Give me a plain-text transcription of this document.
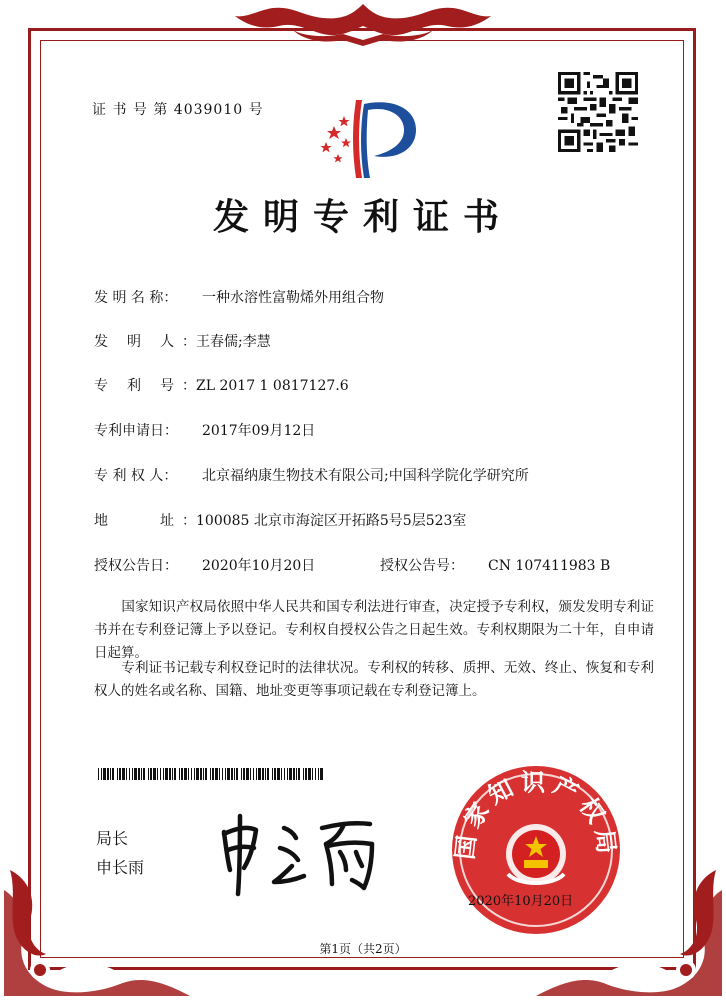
证 书 号 第 4039010 号
发明专利证书
发 明 名 称： 一种水溶性富勒烯外用组合物
发 明 人 ：王春儒;李慧
专 利 号 ：ZL 2017 1 0817127.6
专利申请日： 2017年09月12日
专 利 权 人： 北京福纳康生物技术有限公司;中国科学院化学研究所
地	址 ：100085 北京市海淀区开拓路5号5层523室
授权公告日： 2020年10月20日	授权公告号： CN 107411983 B
　　国家知识产权局依照中华人民共和国专利法进行审查，决定授予专利权，颁发发明专利证书并在专利登记簿上予以登记。专利权自授权公告之日起生效。专利权期限为二十年，自申请日起算。
　　专利证书记载专利权登记时的法律状况。专利权的转移、质押、无效、终止、恢复和专利权人的姓名或名称、国籍、地址变更等事项记载在专利登记簿上。
局长
申长雨
国家知识产权局
2020年10月20日
第1页（共2页）
